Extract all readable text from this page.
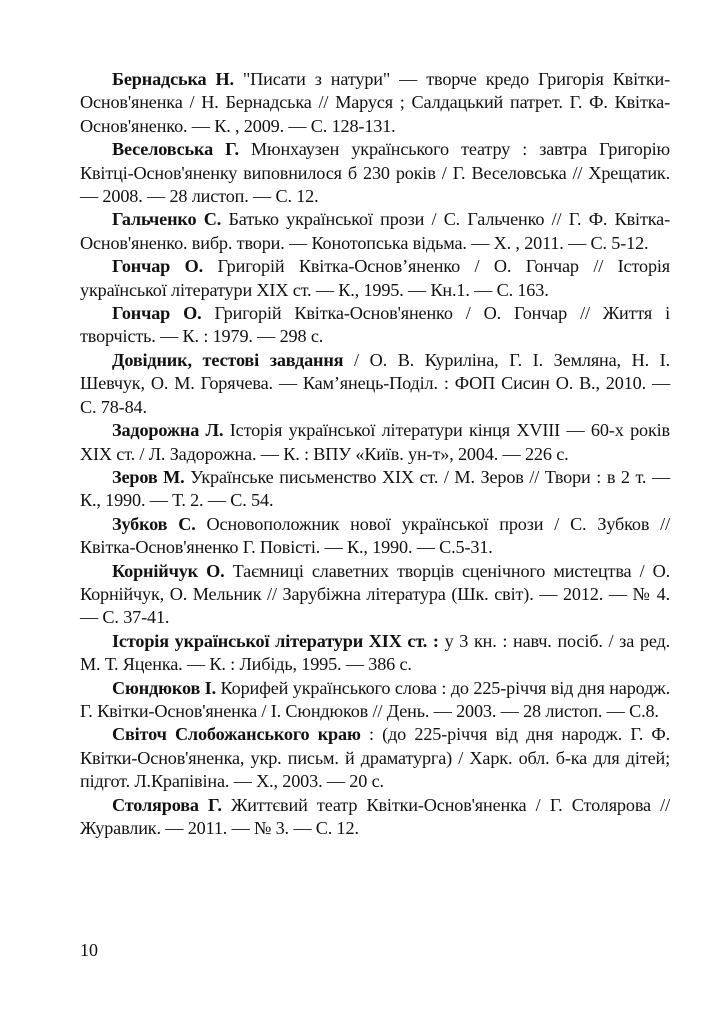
Бернадська Н. "Писати з натури" — творче кредо Григорія Квітки-Основ'яненка / Н. Бернадська // Маруся ; Салдацький патрет. Г. Ф. Квітка-Основ'яненко. — К. , 2009. — С. 128-131.

Веселовська Г. Мюнхаузен українського театру : завтра Григорію Квітці-Основ'яненку виповнилося б 230 років / Г. Веселовська // Хрещатик. — 2008. — 28 листоп. — С. 12.

Гальченко С. Батько української прози / С. Гальченко // Г. Ф. Квітка-Основ'яненко. вибр. твори. — Конотопська відьма. — Х. , 2011. — С. 5-12.

Гончар О. Григорій Квітка-Основ’яненко / О. Гончар // Історія української літератури ХІХ ст. — К., 1995. — Кн.1. — С. 163.

Гончар О. Григорій Квітка-Основ'яненко / О. Гончар // Життя і творчість. — К. : 1979. — 298 с.

Довідник, тестові завдання / О. В. Куриліна, Г. І. Земляна, Н. І. Шевчук, О. М. Горячева. — Кам’янець-Поділ. : ФОП Сисин О. В., 2010. — С. 78-84.

Задорожна Л. Історія української літератури кінця XVIII — 60-х років XIX ст. / Л. Задорожна. — К. : ВПУ «Київ. ун-т», 2004. — 226 с.

Зеров М. Українське письменство ХІХ ст. / М. Зеров // Твори : в 2 т. — К., 1990. — Т. 2. — С. 54.

Зубков С. Основоположник нової української прози / С. Зубков // Квітка-Основ'яненко Г. Повісті. — К., 1990. — С.5-31.

Корнійчук О. Таємниці славетних творців сценічного мистецтва / О. Корнійчук, О. Мельник // Зарубіжна література (Шк. світ). — 2012. — № 4. — С. 37-41.

Історія української літератури ХІХ ст. : у 3 кн. : навч. посіб. / за ред. М. Т. Яценка. — К. : Либідь, 1995. — 386 с.

Сюндюков І. Корифей українського слова : до 225-річчя від дня народж. Г. Квітки-Основ'яненка / І. Сюндюков // День. — 2003. — 28 листоп. — С.8.

Світоч Слобожанського краю : (до 225-річчя від дня народж. Г. Ф. Квітки-Основ'яненка, укр. письм. й драматурга) / Харк. обл. б-ка для дітей; підгот. Л.Крапівіна. — Х., 2003. — 20 с.

Столярова Г. Життєвий театр Квітки-Основ'яненка / Г. Столярова // Журавлик. — 2011. — № 3. — С. 12.

10
